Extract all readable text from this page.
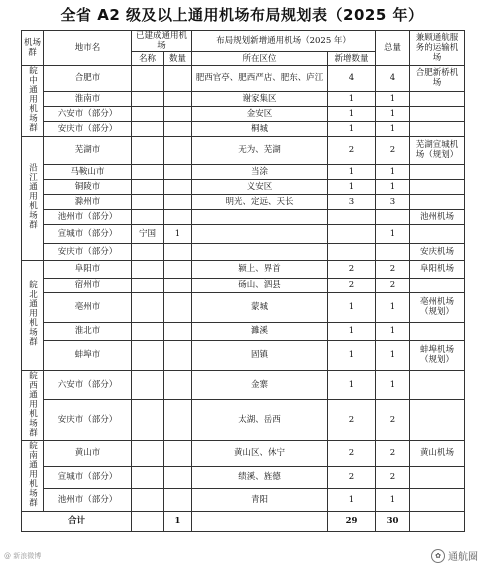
全省 A2 级及以上通用机场布局规划表（2025 年）
机场群	地市名	已建成通用机场		布局规划新增通用机场（2025 年）		总量	兼顾通航服务的运输机场
		名称	数量	所在区位	新增数量		
皖中通用机场群	合肥市			肥西官亭、肥西严店、肥东、庐江	4	4	合肥新桥机场
	淮南市			谢家集区	1	1	
	六安市（部分）			金安区	1	1	
	安庆市（部分）			桐城	1	1	
沿江通用机场群	芜湖市			无为、芜湖	2	2	芜湖宣城机场（规划）
	马鞍山市			当涂	1	1	
	铜陵市			义安区	1	1	
	滁州市			明光、定远、天长	3	3	
	池州市（部分）						池州机场
	宣城市（部分）	宁国	1			1	
	安庆市（部分）						安庆机场
皖北通用机场群	阜阳市			颍上、界首	2	2	阜阳机场
	宿州市			砀山、泗县	2	2	
	亳州市			蒙城	1	1	亳州机场（规划）
	淮北市			濉溪	1	1	
	蚌埠市			固镇	1	1	蚌埠机场（规划）
皖西通用机场群	六安市（部分）			金寨	1	1	
	安庆市（部分）			太湖、岳西	2	2	
皖南通用机场群	黄山市			黄山区、休宁	2	2	黄山机场
	宣城市（部分）			绩溪、旌德	2	2	
	池州市（部分）			青阳	1	1	
合计			1		29	30	
@ 新浪微博	✿ 通航圈
